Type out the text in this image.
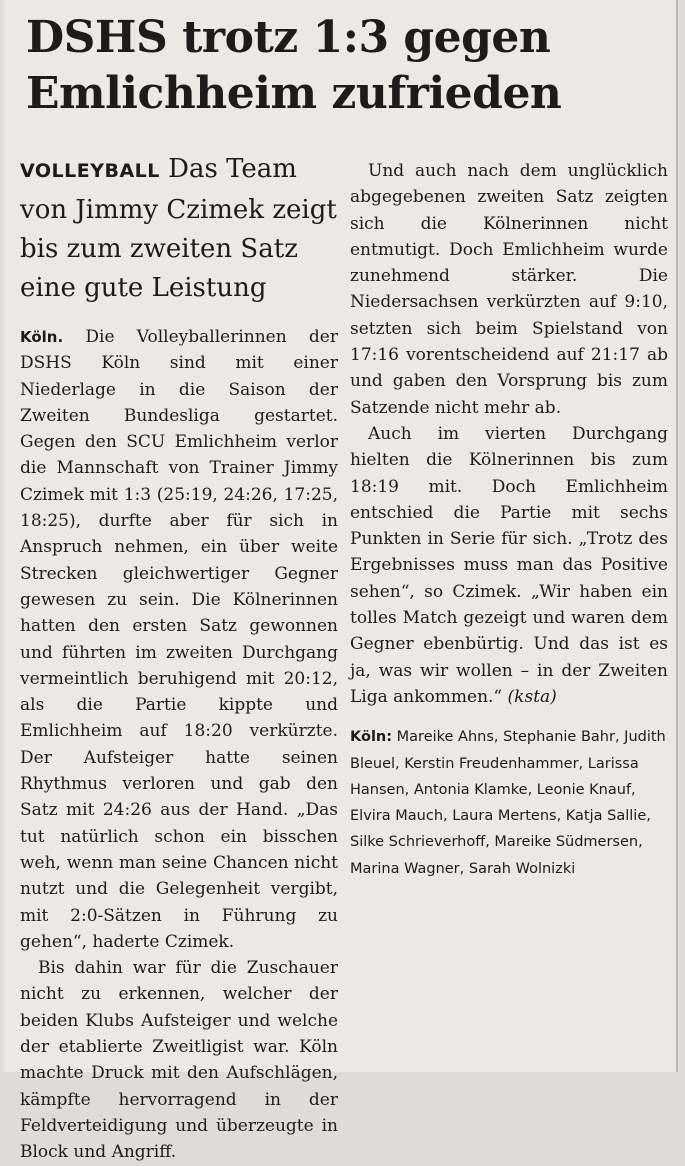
DSHS trotz 1:3 gegen Emlichheim zufrieden
VOLLEYBALL Das Team von Jimmy Czimek zeigt bis zum zweiten Satz eine gute Leistung

Köln. Die Volleyballerinnen der DSHS Köln sind mit einer Niederlage in die Saison der Zweiten Bundesliga gestartet. Gegen den SCU Emlichheim verlor die Mannschaft von Trainer Jimmy Czimek mit 1:3 (25:19, 24:26, 17:25, 18:25), durfte aber für sich in Anspruch nehmen, ein über weite Strecken gleichwertiger Gegner gewesen zu sein. Die Kölnerinnen hatten den ersten Satz gewonnen und führten im zweiten Durchgang vermeintlich beruhigend mit 20:12, als die Partie kippte und Emlichheim auf 18:20 verkürzte. Der Aufsteiger hatte seinen Rhythmus verloren und gab den Satz mit 24:26 aus der Hand. „Das tut natürlich schon ein bisschen weh, wenn man seine Chancen nicht nutzt und die Gelegenheit vergibt, mit 2:0-Sätzen in Führung zu gehen“, haderte Czimek.

Bis dahin war für die Zuschauer nicht zu erkennen, welcher der beiden Klubs Aufsteiger und welche der etablierte Zweitligist war. Köln machte Druck mit den Aufschlägen, kämpfte hervorragend in der Feldverteidigung und überzeugte in Block und Angriff.

Und auch nach dem unglücklich abgegebenen zweiten Satz zeigten sich die Kölnerinnen nicht entmutigt. Doch Emlichheim wurde zunehmend stärker. Die Niedersachsen verkürzten auf 9:10, setzten sich beim Spielstand von 17:16 vorentscheidend auf 21:17 ab und gaben den Vorsprung bis zum Satzende nicht mehr ab.

Auch im vierten Durchgang hielten die Kölnerinnen bis zum 18:19 mit. Doch Emlichheim entschied die Partie mit sechs Punkten in Serie für sich. „Trotz des Ergebnisses muss man das Positive sehen“, so Czimek. „Wir haben ein tolles Match gezeigt und waren dem Gegner ebenbürtig. Und das ist es ja, was wir wollen – in der Zweiten Liga ankommen.“ (ksta)

Köln: Mareike Ahns, Stephanie Bahr, Judith Bleuel, Kerstin Freudenhammer, Larissa Hansen, Antonia Klamke, Leonie Knauf, Elvira Mauch, Laura Mertens, Katja Sallie, Silke Schrieverhoff, Mareike Südmersen, Marina Wagner, Sarah Wolnizki
